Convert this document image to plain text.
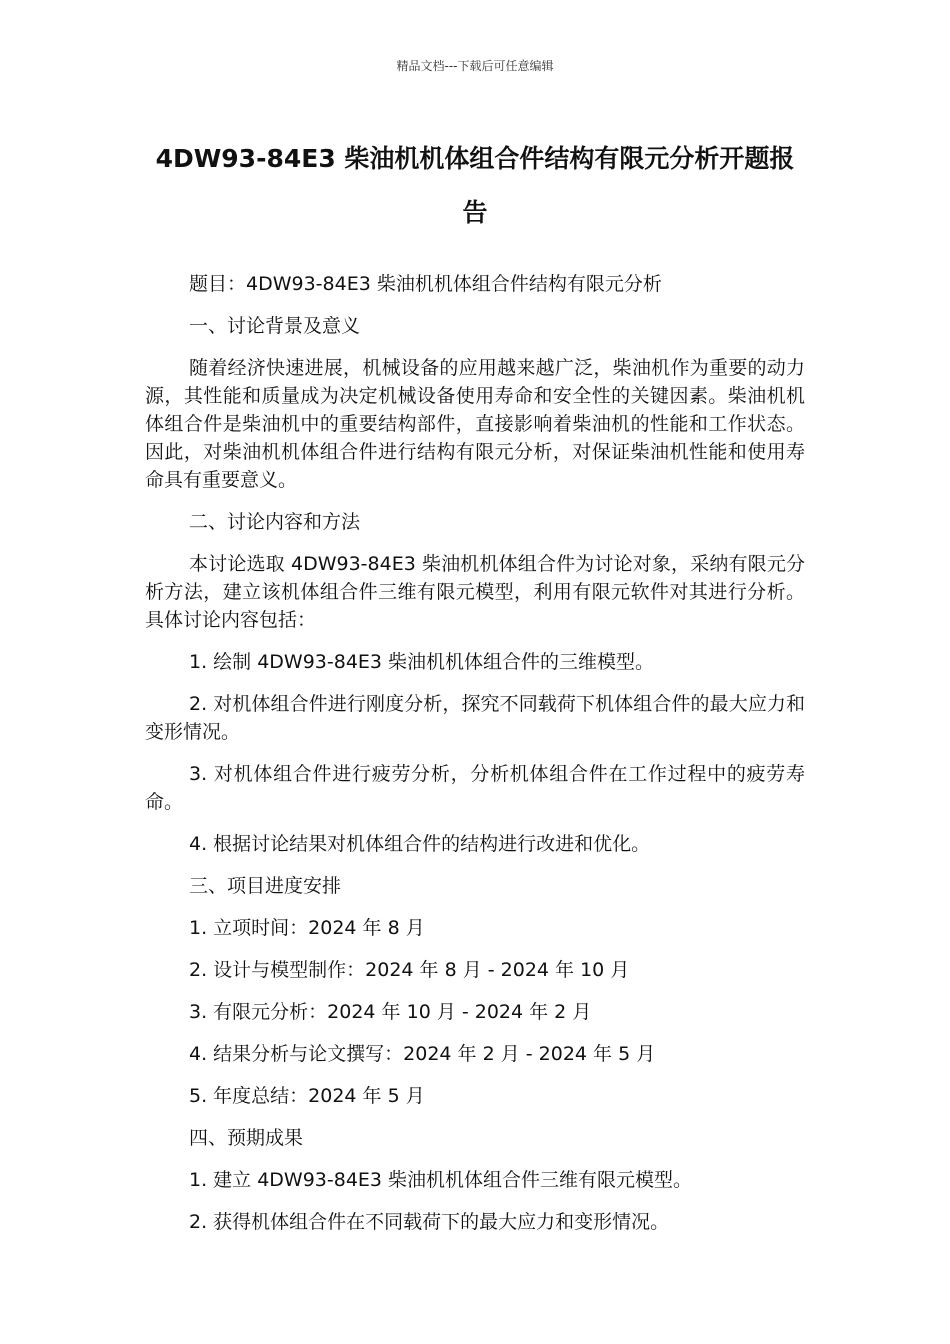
精品文档---下载后可任意编辑
4DW93-84E3 柴油机机体组合件结构有限元分析开题报告

题目：4DW93-84E3 柴油机机体组合件结构有限元分析

一、讨论背景及意义

随着经济快速进展，机械设备的应用越来越广泛，柴油机作为重要的动力源，其性能和质量成为决定机械设备使用寿命和安全性的关键因素。柴油机机体组合件是柴油机中的重要结构部件，直接影响着柴油机的性能和工作状态。因此，对柴油机机体组合件进行结构有限元分析，对保证柴油机性能和使用寿命具有重要意义。

二、讨论内容和方法

本讨论选取 4DW93-84E3 柴油机机体组合件为讨论对象，采纳有限元分析方法，建立该机体组合件三维有限元模型，利用有限元软件对其进行分析。具体讨论内容包括：

1. 绘制 4DW93-84E3 柴油机机体组合件的三维模型。

2. 对机体组合件进行刚度分析，探究不同载荷下机体组合件的最大应力和变形情况。

3. 对机体组合件进行疲劳分析，分析机体组合件在工作过程中的疲劳寿命。

4. 根据讨论结果对机体组合件的结构进行改进和优化。

三、项目进度安排

1. 立项时间：2024 年 8 月

2. 设计与模型制作：2024 年 8 月 - 2024 年 10 月

3. 有限元分析：2024 年 10 月 - 2024 年 2 月

4. 结果分析与论文撰写：2024 年 2 月 - 2024 年 5 月

5. 年度总结：2024 年 5 月

四、预期成果

1. 建立 4DW93-84E3 柴油机机体组合件三维有限元模型。

2. 获得机体组合件在不同载荷下的最大应力和变形情况。
